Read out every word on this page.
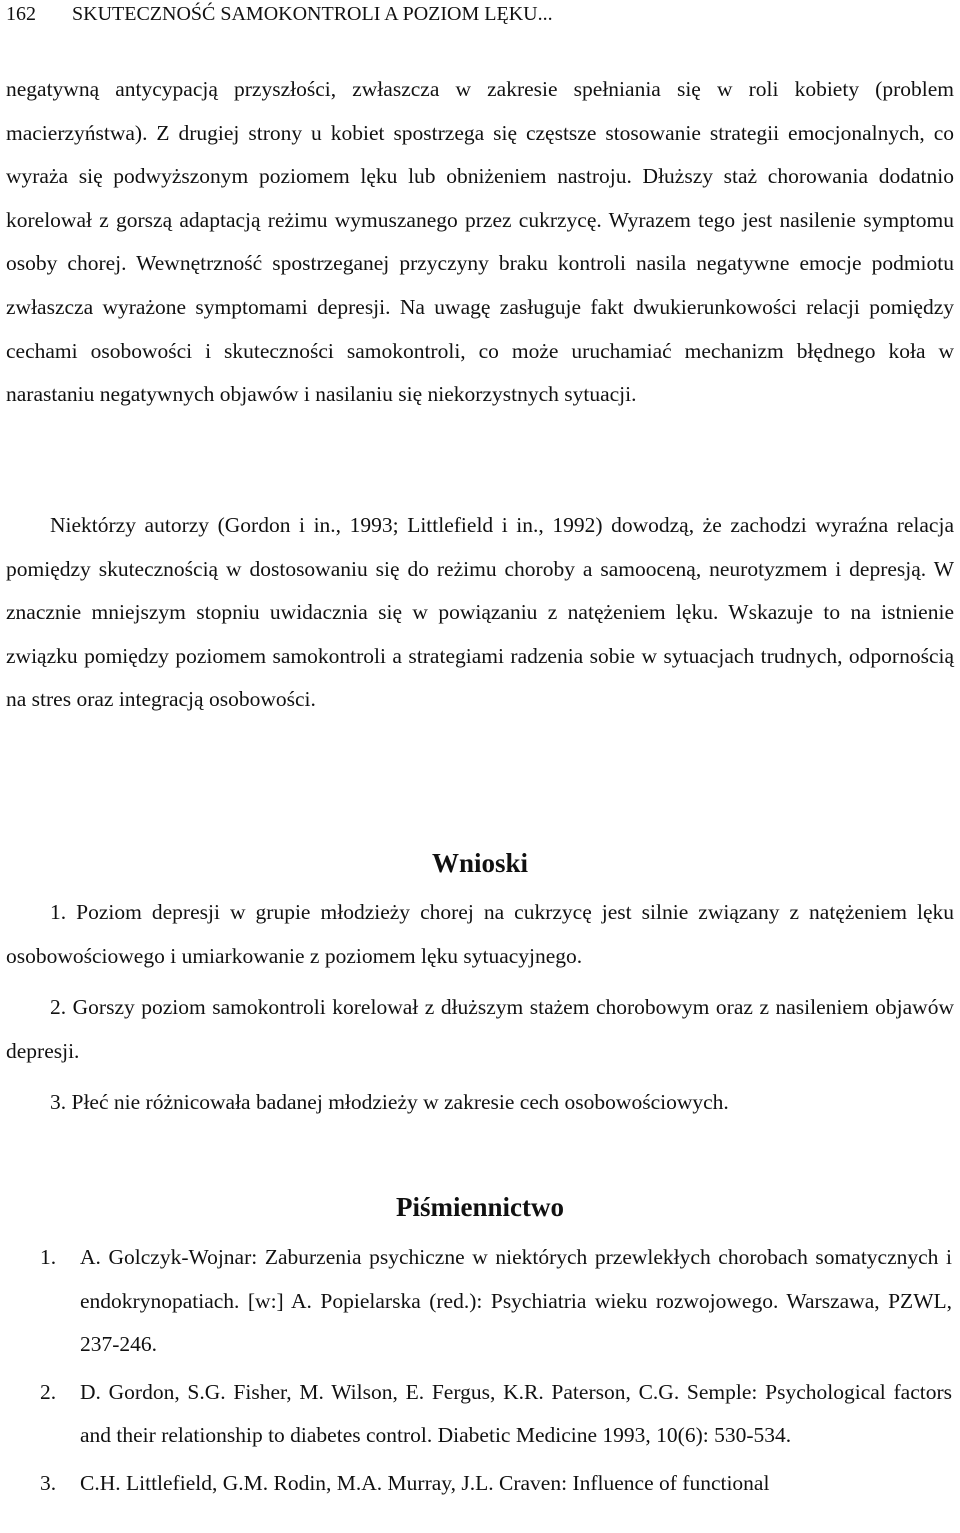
162 SKUTECZNOŚĆ SAMOKONTROLI A POZIOM LĘKU...

negatywną antycypacją przyszłości, zwłaszcza w zakresie spełniania się w roli kobiety (problem macierzyństwa). Z drugiej strony u kobiet spostrzega się częstsze stosowanie strategii emocjonalnych, co wyraża się podwyższonym poziomem lęku lub obniżeniem nastroju. Dłuższy staż chorowania dodatnio korelował z gorszą adaptacją reżimu wymuszanego przez cukrzycę. Wyrazem tego jest nasilenie symptomu osoby chorej. Wewnętrzność spostrzeganej przyczyny braku kontroli nasila negatywne emocje podmiotu zwłaszcza wyrażone symptomami depresji. Na uwagę zasługuje fakt dwukierunkowości relacji pomiędzy cechami osobowości i skuteczności samokontroli, co może uruchamiać mechanizm błędnego koła w narastaniu negatywnych objawów i nasilaniu się niekorzystnych sytuacji.

Niektórzy autorzy (Gordon i in., 1993; Littlefield i in., 1992) dowodzą, że zachodzi wyraźna relacja pomiędzy skutecznością w dostosowaniu się do reżimu choroby a samooceną, neurotyzmem i depresją. W znacznie mniejszym stopniu uwidacznia się w powiązaniu z natężeniem lęku. Wskazuje to na istnienie związku pomiędzy poziomem samokontroli a strategiami radzenia sobie w sytuacjach trudnych, odpornością na stres oraz integracją osobowości.

Wnioski

1. Poziom depresji w grupie młodzieży chorej na cukrzycę jest silnie związany z natężeniem lęku osobowościowego i umiarkowanie z poziomem lęku sytuacyjnego.

2. Gorszy poziom samokontroli korelował z dłuższym stażem chorobowym oraz z nasileniem objawów depresji.

3. Płeć nie różnicowała badanej młodzieży w zakresie cech osobowościowych.

Piśmiennictwo
1. A. Golczyk-Wojnar: Zaburzenia psychiczne w niektórych przewlekłych chorobach somatycznych i endokrynopatiach. [w:] A. Popielarska (red.): Psychiatria wieku rozwojowego. Warszawa, PZWL, 237-246.
2. D. Gordon, S.G. Fisher, M. Wilson, E. Fergus, K.R. Paterson, C.G. Semple: Psychological factors and their relationship to diabetes control. Diabetic Medicine 1993, 10(6): 530-534.
3. C.H. Littlefield, G.M. Rodin, M.A. Murray, J.L. Craven: Influence of functional
